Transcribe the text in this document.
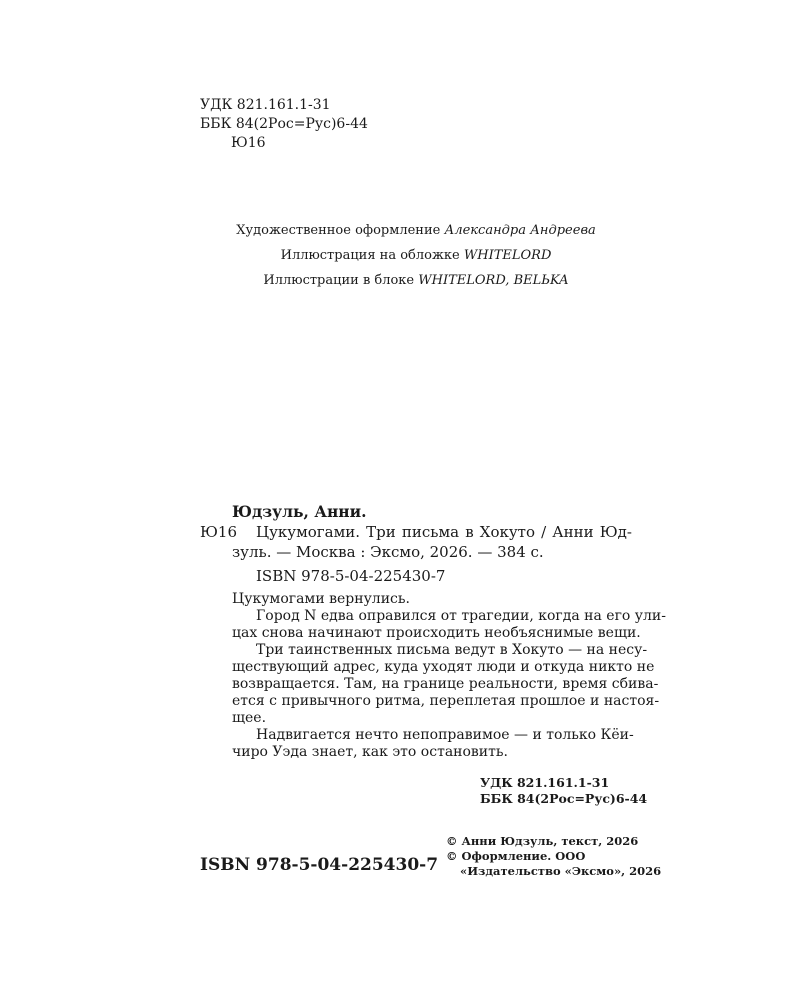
УДК 821.161.1-31
ББК 84(2Рос=Рус)6-44
Ю16
Художественное оформление Александра Андреева
Иллюстрация на обложке WHITELORD
Иллюстрации в блоке WHITELORD, BELЬKA
Юдзуль, Анни.
Ю16 Цукумогами. Три письма в Хокуто / Анни Юд-
зуль. — Москва : Эксмо, 2026. — 384 с.
ISBN 978-5-04-225430-7
Цукумогами вернулись.
Город N едва оправился от трагедии, когда на его ули-
цах снова начинают происходить необъяснимые вещи.
Три таинственных письма ведут в Хокуто — на несу-
ществующий адрес, куда уходят люди и откуда никто не
возвращается. Там, на границе реальности, время сбива-
ется с привычного ритма, переплетая прошлое и настоя-
щее.
Надвигается нечто непоправимое — и только Кёи-
чиро Уэда знает, как это остановить.
УДК 821.161.1-31
ББК 84(2Рос=Рус)6-44
ISBN 978-5-04-225430-7
© Анни Юдзуль, текст, 2026
© Оформление. ООО
«Издательство «Эксмо», 2026
